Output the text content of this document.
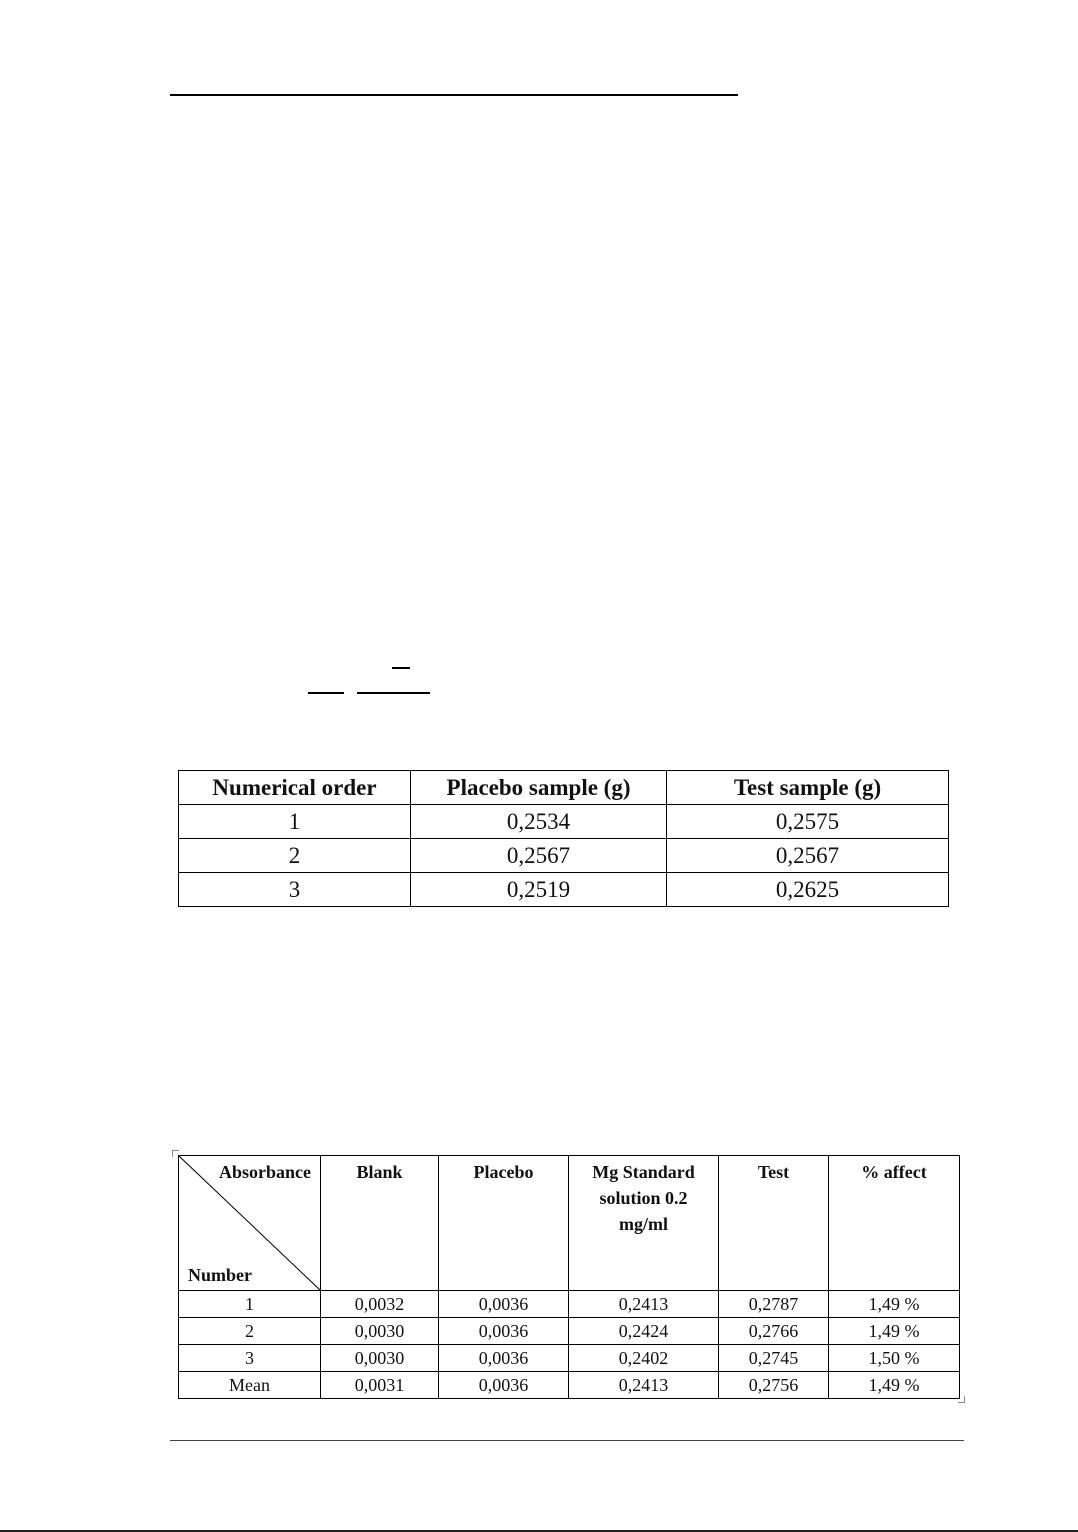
Numerical order	Placebo sample (g)	Test sample (g)
1	0,2534	0,2575
2	0,2567	0,2567
3	0,2519	0,2625
Absorbance
Number	Blank	Placebo	Mg Standard solution 0.2 mg/ml	Test	% affect
1	0,0032	0,0036	0,2413	0,2787	1,49 %
2	0,0030	0,0036	0,2424	0,2766	1,49 %
3	0,0030	0,0036	0,2402	0,2745	1,50 %
Mean	0,0031	0,0036	0,2413	0,2756	1,49 %
